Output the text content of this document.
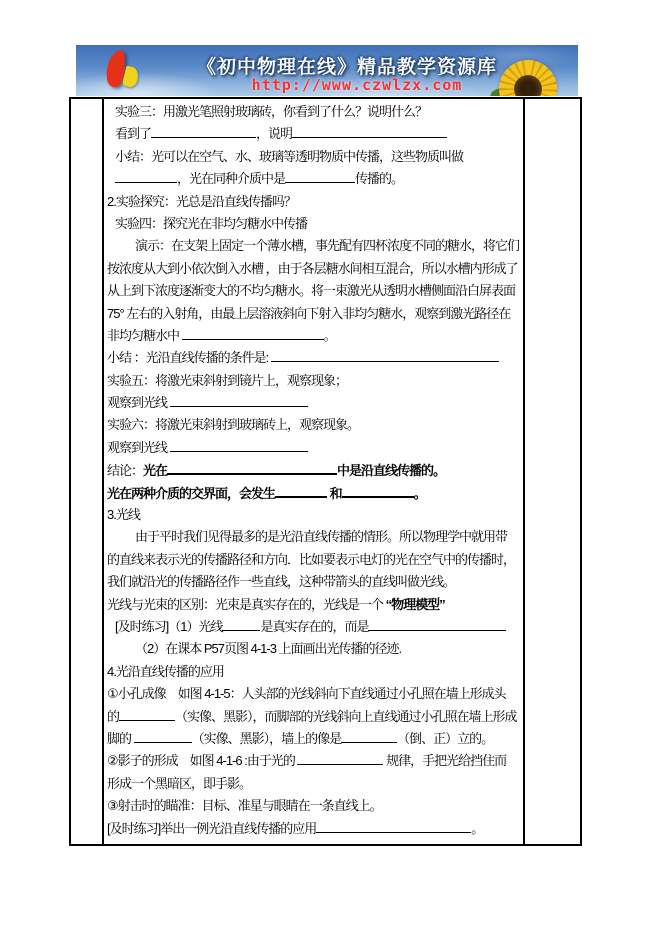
《初中物理在线》精品教学资源库
http://www.czwlzx.com
实验三：用激光笔照射玻璃砖，你看到了什么？说明什么？
看到了	，说明
小结：光可以在空气、水、玻璃等透明物质中传播，这些物质叫做
，光在同种介质中是	传播的。
2.实验探究：光总是沿直线传播吗？
实验四：探究光在非均匀糖水中传播
演示：在支架上固定一个薄水槽，事先配有四杯浓度不同的糖水，将它们
按浓度从大到小依次倒入水槽 ，由于各层糖水间相互混合，所以水槽内形成了
从上到下浓度逐渐变大的不均匀糖水。将一束激光从透明水槽侧面沿白屏表面
75° 左右的入射角，由最上层溶液斜向下射入非均匀糖水，观察到激光路径在
非均匀糖水中	。
小结 ：光沿直线传播的条件是:
实验五：将激光束斜射到镜片上，观察现象；
观察到光线
实验六：将激光束斜射到玻璃砖上，观察现象。
观察到光线
结论：光在	中是沿直线传播的。
光在两种介质的交界面，会发生	和	。
3.光线
由于平时我们见得最多的是光沿直线传播的情形。所以物理学中就用带
的直线来表示光的传播路径和方向．比如要表示电灯的光在空气中的传播时，
我们就沿光的传播路径作一些直线，这种带箭头的直线叫做光线。
光线与光束的区别：光束是真实存在的，光线是一个 “物理模型”
[及时练习]（1）光线	是真实存在的，而是
（2）在课本 P57页图 4-1-3 上面画出光传播的径迹.
4.光沿直线传播的应用
①小孔成像　如图 4-1-5：人头部的光线斜向下直线通过小孔照在墙上形成头
的	（实像、黑影），而脚部的光线斜向上直线通过小孔照在墙上形成
脚的	（实像、黑影），墙上的像是	（倒、正）立的。
②影子的形成　如图 4-1-6 :由于光的	规律，手把光给挡住而
形成一个黑暗区，即手影。
③射击时的瞄准：目标、准星与眼睛在一条直线上。
[及时练习]举出一例光沿直线传播的应用	。
